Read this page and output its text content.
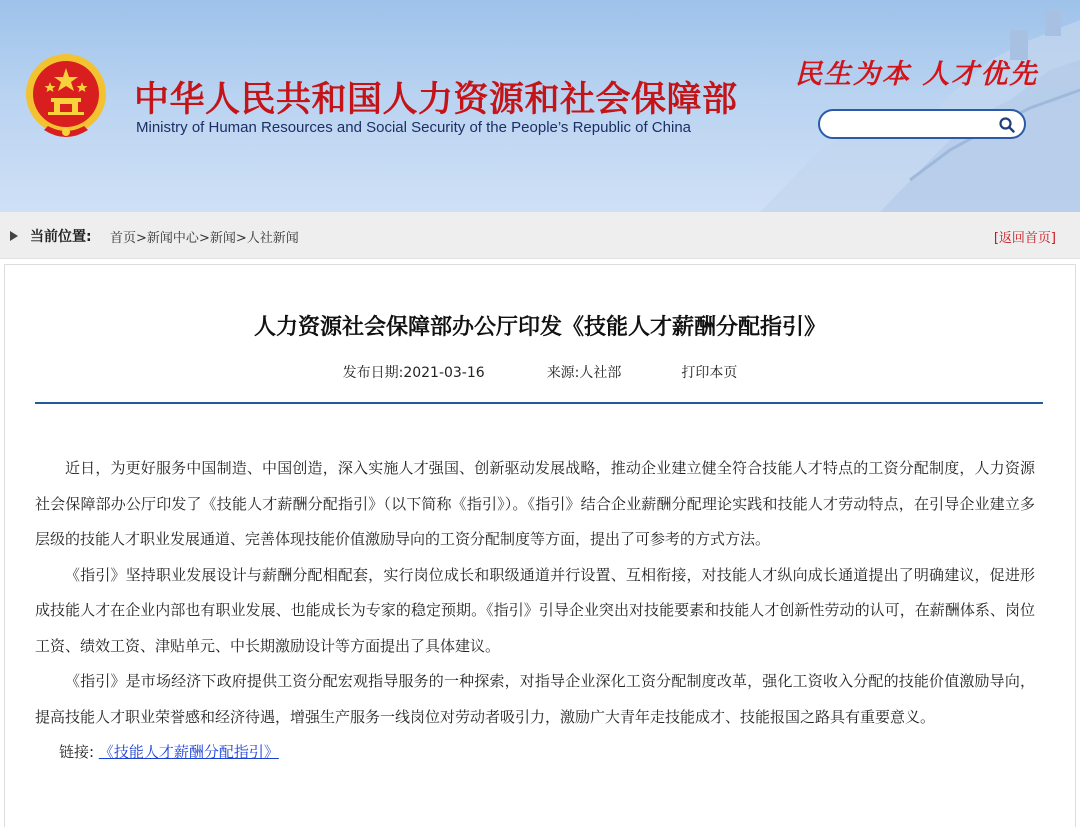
中华人民共和国人力资源和社会保障部
Ministry of Human Resources and Social Security of the People’s Republic of China
民生为本 人才优先
当前位置: 首页>新闻中心>新闻>人社新闻	[返回首页]
人力资源社会保障部办公厅印发《技能人才薪酬分配指引》
发布日期:2021-03-16	来源:人社部	打印本页

近日，为更好服务中国制造、中国创造，深入实施人才强国、创新驱动发展战略，推动企业建立健全符合技能人才特点的工资分配制度，人力资源社会保障部办公厅印发了《技能人才薪酬分配指引》（以下简称《指引》）。《指引》结合企业薪酬分配理论实践和技能人才劳动特点，在引导企业建立多层级的技能人才职业发展通道、完善体现技能价值激励导向的工资分配制度等方面，提出了可参考的方式方法。

《指引》坚持职业发展设计与薪酬分配相配套，实行岗位成长和职级通道并行设置、互相衔接，对技能人才纵向成长通道提出了明确建议，促进形成技能人才在企业内部也有职业发展、也能成长为专家的稳定预期。《指引》引导企业突出对技能要素和技能人才创新性劳动的认可，在薪酬体系、岗位工资、绩效工资、津贴单元、中长期激励设计等方面提出了具体建议。

《指引》是市场经济下政府提供工资分配宏观指导服务的一种探索，对指导企业深化工资分配制度改革，强化工资收入分配的技能价值激励导向，提高技能人才职业荣誉感和经济待遇，增强生产服务一线岗位对劳动者吸引力，激励广大青年走技能成才、技能报国之路具有重要意义。

链接: 《技能人才薪酬分配指引》
